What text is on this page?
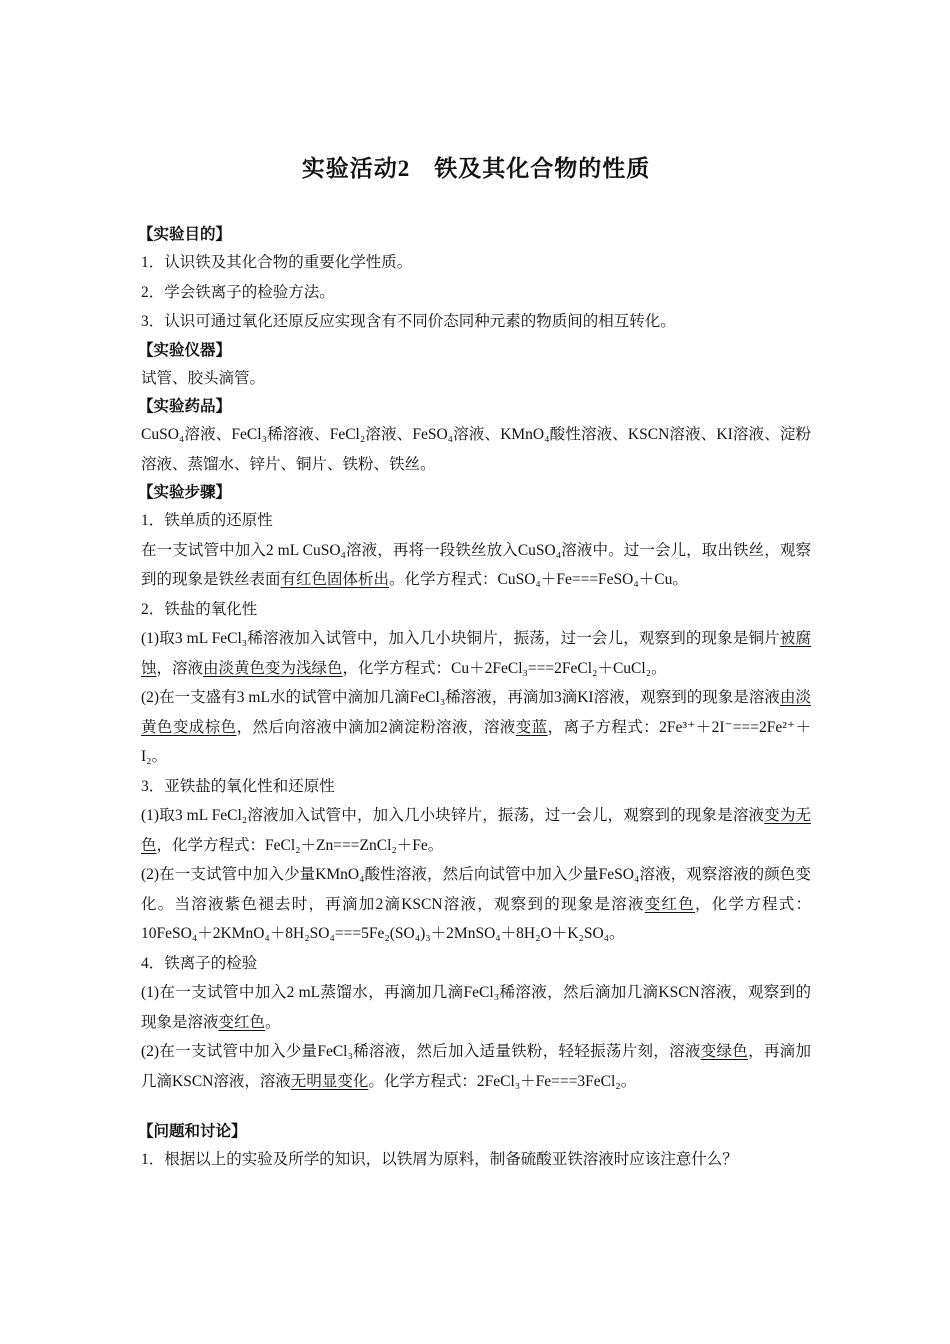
实验活动2　铁及其化合物的性质
【实验目的】
1．认识铁及其化合物的重要化学性质。
2．学会铁离子的检验方法。
3．认识可通过氧化还原反应实现含有不同价态同种元素的物质间的相互转化。
【实验仪器】
试管、胶头滴管。
【实验药品】
CuSO₄溶液、FeCl₃稀溶液、FeCl₂溶液、FeSO₄溶液、KMnO₄酸性溶液、KSCN溶液、KI溶液、淀粉溶液、蒸馏水、锌片、铜片、铁粉、铁丝。
【实验步骤】
1．铁单质的还原性
在一支试管中加入2 mL CuSO₄溶液，再将一段铁丝放入CuSO₄溶液中。过一会儿，取出铁丝，观察到的现象是铁丝表面有红色固体析出。化学方程式：CuSO₄＋Fe===FeSO₄＋Cu。
2．铁盐的氧化性
(1)取3 mL FeCl₃稀溶液加入试管中，加入几小块铜片，振荡，过一会儿，观察到的现象是铜片被腐蚀，溶液由淡黄色变为浅绿色，化学方程式：Cu＋2FeCl₃===2FeCl₂＋CuCl₂。
(2)在一支盛有3 mL水的试管中滴加几滴FeCl₃稀溶液，再滴加3滴KI溶液，观察到的现象是溶液由淡黄色变成棕色，然后向溶液中滴加2滴淀粉溶液，溶液变蓝，离子方程式：2Fe³⁺＋2I⁻===2Fe²⁺＋I₂。
3．亚铁盐的氧化性和还原性
(1)取3 mL FeCl₂溶液加入试管中，加入几小块锌片，振荡，过一会儿，观察到的现象是溶液变为无色，化学方程式：FeCl₂＋Zn===ZnCl₂＋Fe。
(2)在一支试管中加入少量KMnO₄酸性溶液，然后向试管中加入少量FeSO₄溶液，观察溶液的颜色变化。当溶液紫色褪去时，再滴加2滴KSCN溶液，观察到的现象是溶液变红色，化学方程式：10FeSO₄＋2KMnO₄＋8H₂SO₄===5Fe₂(SO₄)₃＋2MnSO₄＋8H₂O＋K₂SO₄。
4．铁离子的检验
(1)在一支试管中加入2 mL蒸馏水，再滴加几滴FeCl₃稀溶液，然后滴加几滴KSCN溶液，观察到的现象是溶液变红色。
(2)在一支试管中加入少量FeCl₃稀溶液，然后加入适量铁粉，轻轻振荡片刻，溶液变绿色，再滴加几滴KSCN溶液，溶液无明显变化。化学方程式：2FeCl₃＋Fe===3FeCl₂。
【问题和讨论】
1．根据以上的实验及所学的知识，以铁屑为原料，制备硫酸亚铁溶液时应该注意什么？
